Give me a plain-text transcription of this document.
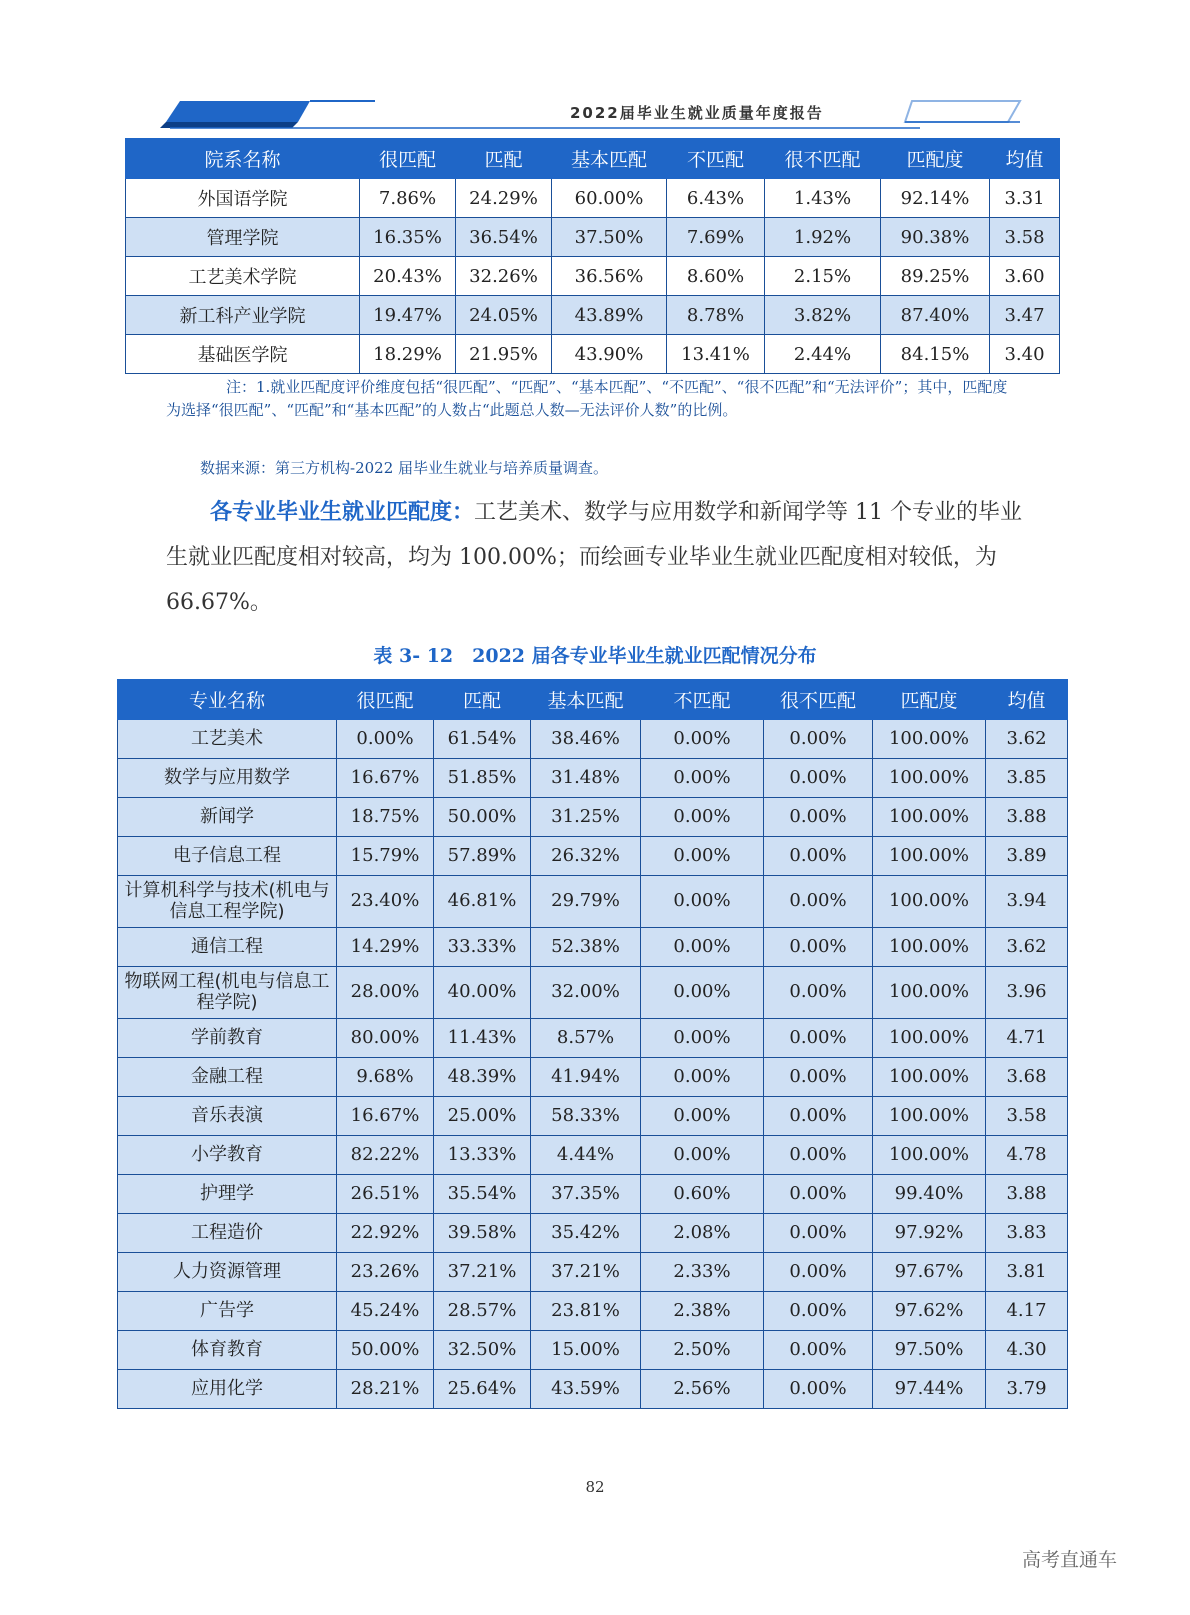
2022届毕业生就业质量年度报告
院系名称	很匹配	匹配	基本匹配	不匹配	很不匹配	匹配度	均值
外国语学院	7.86%	24.29%	60.00%	6.43%	1.43%	92.14%	3.31
管理学院	16.35%	36.54%	37.50%	7.69%	1.92%	90.38%	3.58
工艺美术学院	20.43%	32.26%	36.56%	8.60%	2.15%	89.25%	3.60
新工科产业学院	19.47%	24.05%	43.89%	8.78%	3.82%	87.40%	3.47
基础医学院	18.29%	21.95%	43.90%	13.41%	2.44%	84.15%	3.40
注：1.就业匹配度评价维度包括“很匹配”、“匹配”、“基本匹配”、“不匹配”、“很不匹配”和“无法评价”；其中，匹配度为选择“很匹配”、“匹配”和“基本匹配”的人数占“此题总人数—无法评价人数”的比例。
数据来源：第三方机构-2022 届毕业生就业与培养质量调查。
各专业毕业生就业匹配度：工艺美术、数学与应用数学和新闻学等 11 个专业的毕业生就业匹配度相对较高，均为 100.00%；而绘画专业毕业生就业匹配度相对较低，为 66.67%。
表 3- 12　2022 届各专业毕业生就业匹配情况分布
专业名称	很匹配	匹配	基本匹配	不匹配	很不匹配	匹配度	均值
工艺美术	0.00%	61.54%	38.46%	0.00%	0.00%	100.00%	3.62
数学与应用数学	16.67%	51.85%	31.48%	0.00%	0.00%	100.00%	3.85
新闻学	18.75%	50.00%	31.25%	0.00%	0.00%	100.00%	3.88
电子信息工程	15.79%	57.89%	26.32%	0.00%	0.00%	100.00%	3.89
计算机科学与技术(机电与信息工程学院)	23.40%	46.81%	29.79%	0.00%	0.00%	100.00%	3.94
通信工程	14.29%	33.33%	52.38%	0.00%	0.00%	100.00%	3.62
物联网工程(机电与信息工程学院)	28.00%	40.00%	32.00%	0.00%	0.00%	100.00%	3.96
学前教育	80.00%	11.43%	8.57%	0.00%	0.00%	100.00%	4.71
金融工程	9.68%	48.39%	41.94%	0.00%	0.00%	100.00%	3.68
音乐表演	16.67%	25.00%	58.33%	0.00%	0.00%	100.00%	3.58
小学教育	82.22%	13.33%	4.44%	0.00%	0.00%	100.00%	4.78
护理学	26.51%	35.54%	37.35%	0.60%	0.00%	99.40%	3.88
工程造价	22.92%	39.58%	35.42%	2.08%	0.00%	97.92%	3.83
人力资源管理	23.26%	37.21%	37.21%	2.33%	0.00%	97.67%	3.81
广告学	45.24%	28.57%	23.81%	2.38%	0.00%	97.62%	4.17
体育教育	50.00%	32.50%	15.00%	2.50%	0.00%	97.50%	4.30
应用化学	28.21%	25.64%	43.59%	2.56%	0.00%	97.44%	3.79
82
高考直通车
